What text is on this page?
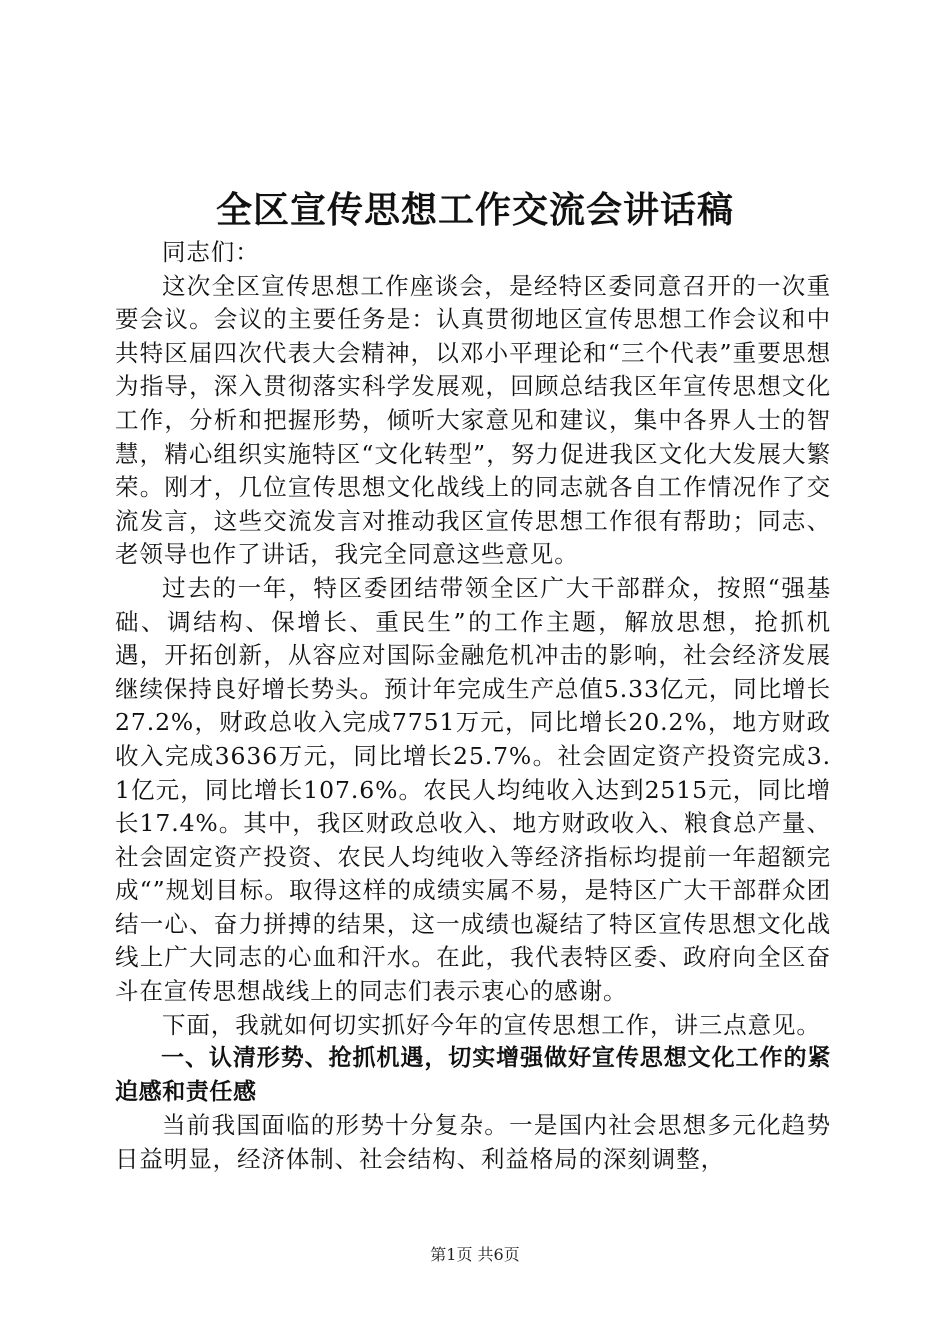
全区宣传思想工作交流会讲话稿

同志们：

这次全区宣传思想工作座谈会，是经特区委同意召开的一次重要会议。会议的主要任务是：认真贯彻地区宣传思想工作会议和中共特区届四次代表大会精神，以邓小平理论和“三个代表”重要思想为指导，深入贯彻落实科学发展观，回顾总结我区年宣传思想文化工作，分析和把握形势，倾听大家意见和建议，集中各界人士的智慧，精心组织实施特区“文化转型”，努力促进我区文化大发展大繁荣。刚才，几位宣传思想文化战线上的同志就各自工作情况作了交流发言，这些交流发言对推动我区宣传思想工作很有帮助；同志、老领导也作了讲话，我完全同意这些意见。

过去的一年，特区委团结带领全区广大干部群众，按照“强基础、调结构、保增长、重民生”的工作主题，解放思想，抢抓机遇，开拓创新，从容应对国际金融危机冲击的影响，社会经济发展继续保持良好增长势头。预计年完成生产总值5.33亿元，同比增长27.2%，财政总收入完成7751万元，同比增长20.2%，地方财政收入完成3636万元，同比增长25.7%。社会固定资产投资完成3.1亿元，同比增长107.6%。农民人均纯收入达到2515元，同比增长17.4%。其中，我区财政总收入、地方财政收入、粮食总产量、社会固定资产投资、农民人均纯收入等经济指标均提前一年超额完成“”规划目标。取得这样的成绩实属不易，是特区广大干部群众团结一心、奋力拼搏的结果，这一成绩也凝结了特区宣传思想文化战线上广大同志的心血和汗水。在此，我代表特区委、政府向全区奋斗在宣传思想战线上的同志们表示衷心的感谢。

下面，我就如何切实抓好今年的宣传思想工作，讲三点意见。

一、认清形势、抢抓机遇，切实增强做好宣传思想文化工作的紧迫感和责任感

当前我国面临的形势十分复杂。一是国内社会思想多元化趋势日益明显，经济体制、社会结构、利益格局的深刻调整，

第1页 共6页
